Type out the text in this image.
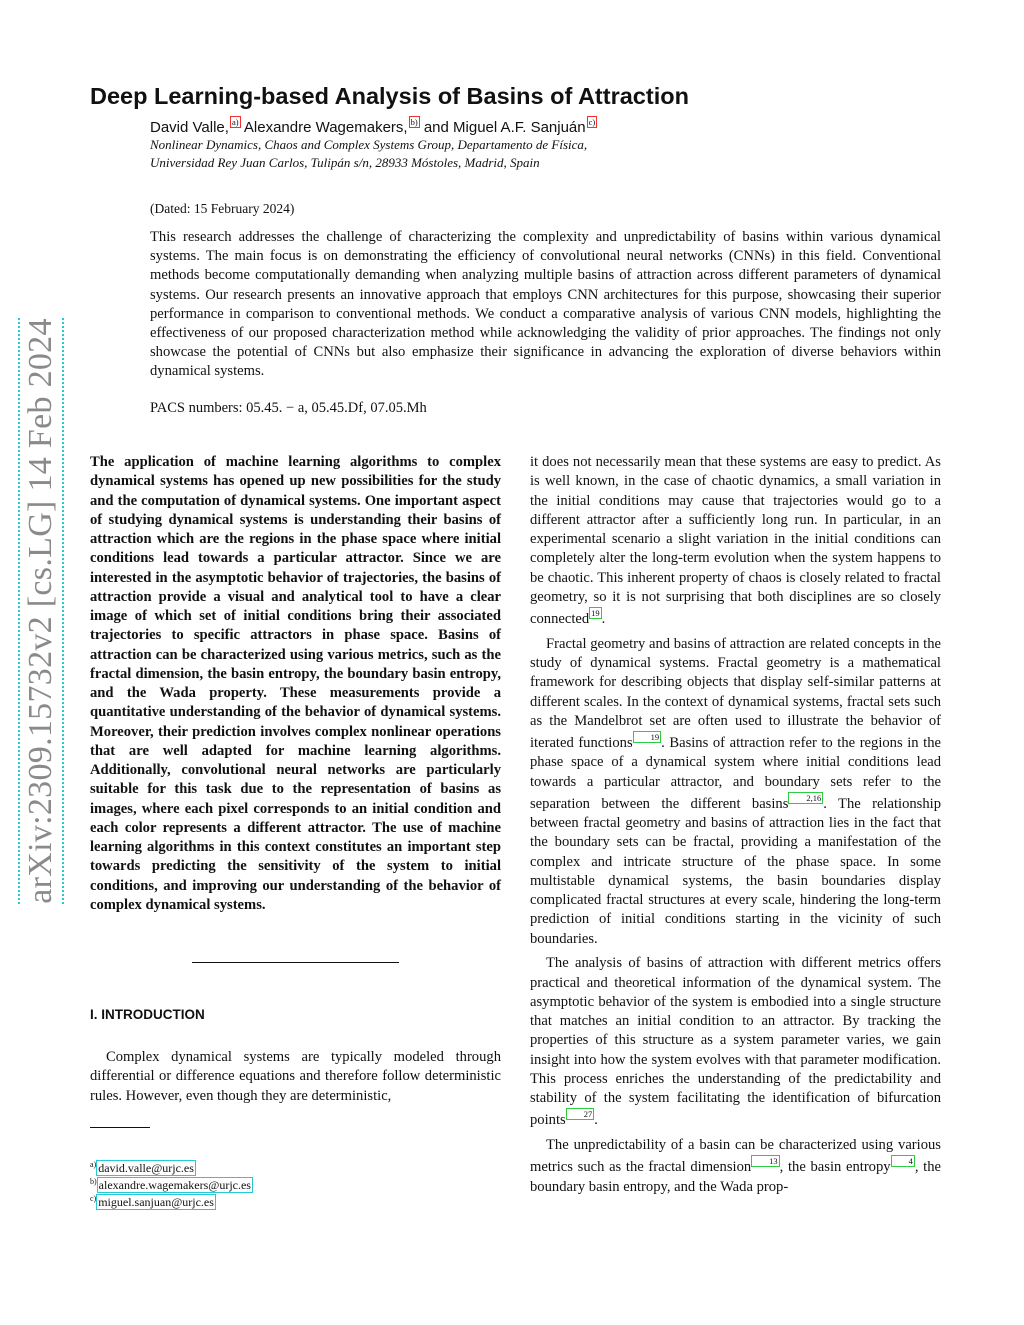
arXiv:2309.15732v2 [cs.LG] 14 Feb 2024
Deep Learning-based Analysis of Basins of Attraction
David Valle, a) Alexandre Wagemakers, b) and Miguel A.F. Sanjuán c)
Nonlinear Dynamics, Chaos and Complex Systems Group, Departamento de Física,
Universidad Rey Juan Carlos, Tulipán s/n, 28933 Móstoles, Madrid, Spain
(Dated: 15 February 2024)

This research addresses the challenge of characterizing the complexity and unpredictability of basins within various dynamical systems. The main focus is on demonstrating the efficiency of convolutional neural networks (CNNs) in this field. Conventional methods become computationally demanding when analyzing multiple basins of attraction across different parameters of dynamical systems. Our research presents an innovative approach that employs CNN architectures for this purpose, showcasing their superior performance in comparison to conventional methods. We conduct a comparative analysis of various CNN models, highlighting the effectiveness of our proposed characterization method while acknowledging the validity of prior approaches. The findings not only showcase the potential of CNNs but also emphasize their significance in advancing the exploration of diverse behaviors within dynamical systems.

PACS numbers: 05.45. − a, 05.45.Df, 07.05.Mh

The application of machine learning algorithms to complex dynamical systems has opened up new possibilities for the study and the computation of dynamical systems. One important aspect of studying dynamical systems is understanding their basins of attraction which are the regions in the phase space where initial conditions lead towards a particular attractor. Since we are interested in the asymptotic behavior of trajectories, the basins of attraction provide a visual and analytical tool to have a clear image of which set of initial conditions bring their associated trajectories to specific attractors in phase space. Basins of attraction can be characterized using various metrics, such as the fractal dimension, the basin entropy, the boundary basin entropy, and the Wada property. These measurements provide a quantitative understanding of the behavior of dynamical systems. Moreover, their prediction involves complex nonlinear operations that are well adapted for machine learning algorithms. Additionally, convolutional neural networks are particularly suitable for this task due to the representation of basins as images, where each pixel corresponds to an initial condition and each color represents a different attractor. The use of machine learning algorithms in this context constitutes an important step towards predicting the sensitivity of the system to initial conditions, and improving our understanding of the behavior of complex dynamical systems.

I. INTRODUCTION

Complex dynamical systems are typically modeled through differential or difference equations and therefore follow deterministic rules. However, even though they are deterministic,

$^{a)}$ david.valle@urjc.es
$^{b)}$ alexandre.wagemakers@urjc.es
$^{c)}$ miguel.sanjuan@urjc.es

it does not necessarily mean that these systems are easy to predict. As is well known, in the case of chaotic dynamics, a small variation in the initial conditions may cause that trajectories would go to a different attractor after a sufficiently long run. In particular, in an experimental scenario a slight variation in the initial conditions can completely alter the long-term evolution when the system happens to be chaotic. This inherent property of chaos is closely related to fractal geometry, so it is not surprising that both disciplines are so closely connected 19 .

Fractal geometry and basins of attraction are related concepts in the study of dynamical systems. Fractal geometry is a mathematical framework for describing objects that display self-similar patterns at different scales. In the context of dynamical systems, fractal sets such as the Mandelbrot set are often used to illustrate the behavior of iterated functions 19 . Basins of attraction refer to the regions in the phase space of a dynamical system where initial conditions lead towards a particular attractor, and boundary sets refer to the separation between the different basins 2,16 . The relationship between fractal geometry and basins of attraction lies in the fact that the boundary sets can be fractal, providing a manifestation of the complex and intricate structure of the phase space. In some multistable dynamical systems, the basin boundaries display complicated fractal structures at every scale, hindering the long-term prediction of initial conditions starting in the vicinity of such boundaries.

The analysis of basins of attraction with different metrics offers practical and theoretical information of the dynamical system. The asymptotic behavior of the system is embodied into a single structure that matches an initial condition to an attractor. By tracking the properties of this structure as a system parameter varies, we gain insight into how the system evolves with that parameter modification. This process enriches the understanding of the predictability and stability of the system facilitating the identification of bifurcation points 27 .

The unpredictability of a basin can be characterized using various metrics such as the fractal dimension 13 , the basin entropy 4 , the boundary basin entropy, and the Wada prop-
